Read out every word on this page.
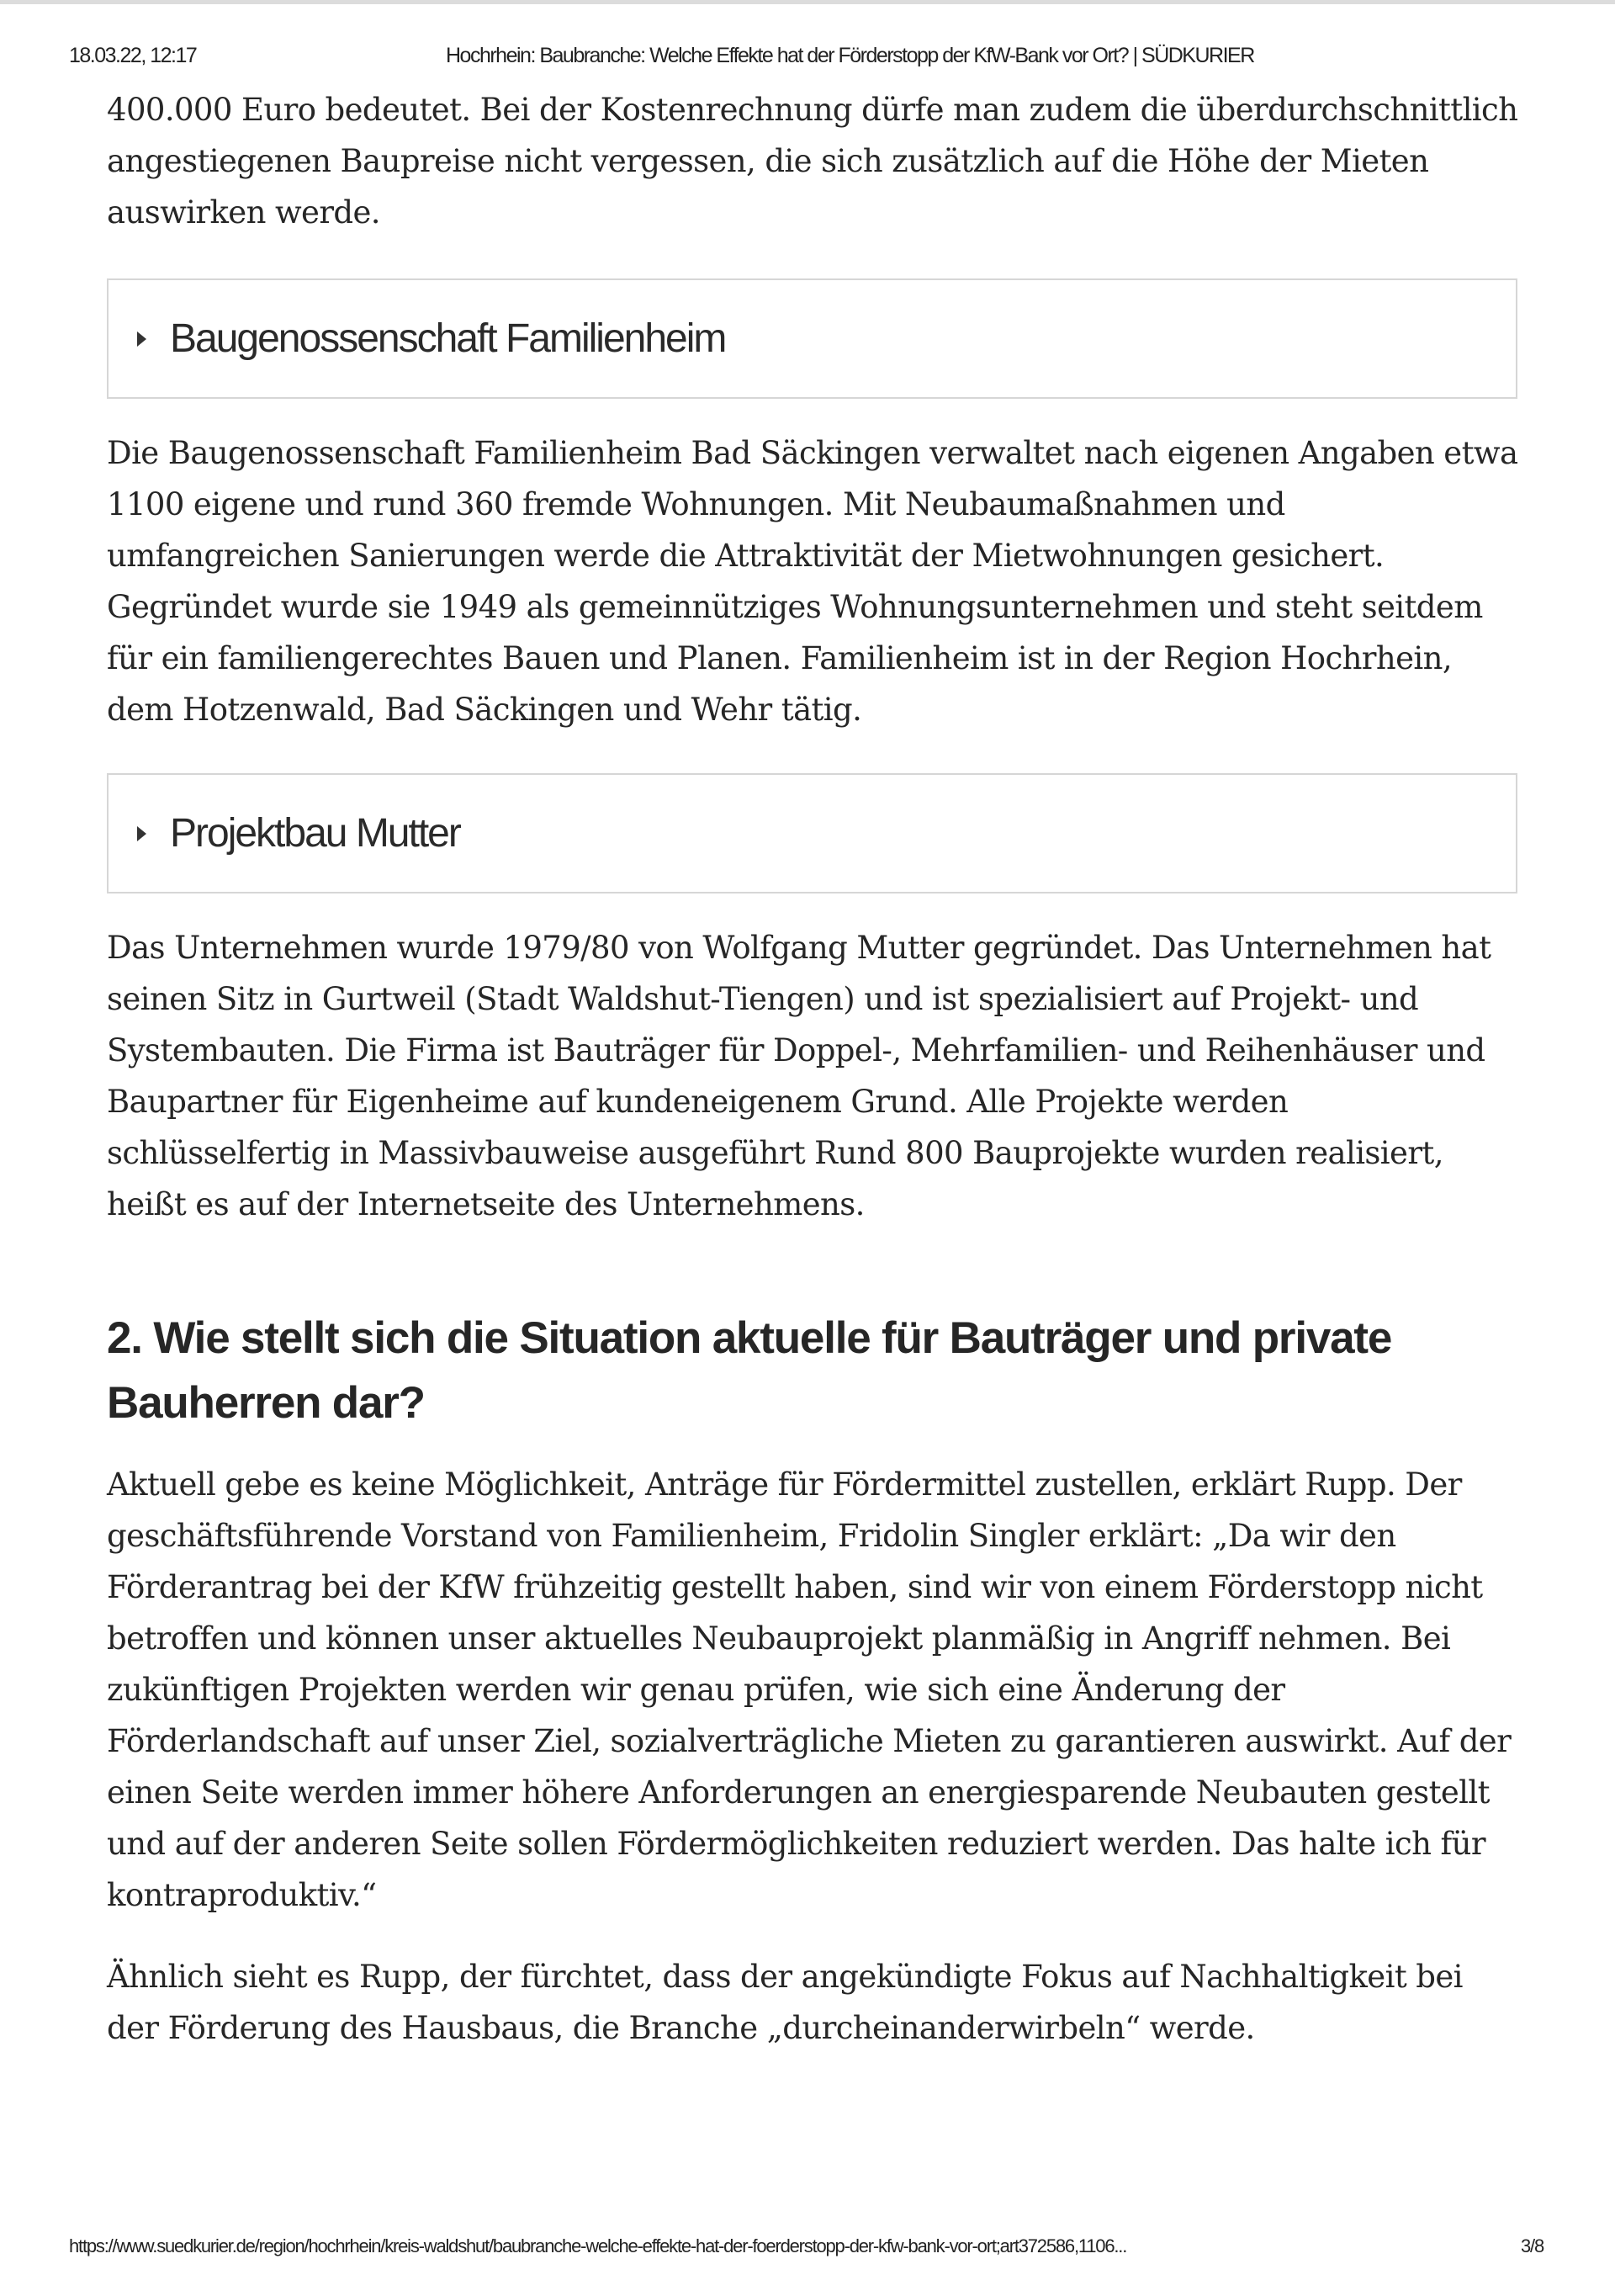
18.03.22, 12:17	Hochrhein: Baubranche: Welche Effekte hat der Förderstopp der KfW-Bank vor Ort? | SÜDKURIER

400.000 Euro bedeutet. Bei der Kostenrechnung dürfe man zudem die überdurchschnittlich angestiegenen Baupreise nicht vergessen, die sich zusätzlich auf die Höhe der Mieten auswirken werde.

Baugenossenschaft Familienheim

Die Baugenossenschaft Familienheim Bad Säckingen verwaltet nach eigenen Angaben etwa 1100 eigene und rund 360 fremde Wohnungen. Mit Neubaumaßnahmen und umfangreichen Sanierungen werde die Attraktivität der Mietwohnungen gesichert. Gegründet wurde sie 1949 als gemeinnütziges Wohnungsunternehmen und steht seitdem für ein familiengerechtes Bauen und Planen. Familienheim ist in der Region Hochrhein, dem Hotzenwald, Bad Säckingen und Wehr tätig.

Projektbau Mutter

Das Unternehmen wurde 1979/80 von Wolfgang Mutter gegründet. Das Unternehmen hat seinen Sitz in Gurtweil (Stadt Waldshut-Tiengen) und ist spezialisiert auf Projekt- und Systembauten. Die Firma ist Bauträger für Doppel-, Mehrfamilien- und Reihenhäuser und Baupartner für Eigenheime auf kundeneigenem Grund. Alle Projekte werden schlüsselfertig in Massivbauweise ausgeführt Rund 800 Bauprojekte wurden realisiert, heißt es auf der Internetseite des Unternehmens.

2. Wie stellt sich die Situation aktuelle für Bauträger und private Bauherren dar?

Aktuell gebe es keine Möglichkeit, Anträge für Fördermittel zustellen, erklärt Rupp. Der geschäftsführende Vorstand von Familienheim, Fridolin Singler erklärt: „Da wir den Förderantrag bei der KfW frühzeitig gestellt haben, sind wir von einem Förderstopp nicht betroffen und können unser aktuelles Neubauprojekt planmäßig in Angriff nehmen. Bei zukünftigen Projekten werden wir genau prüfen, wie sich eine Änderung der Förderlandschaft auf unser Ziel, sozialverträgliche Mieten zu garantieren auswirkt. Auf der einen Seite werden immer höhere Anforderungen an energiesparende Neubauten gestellt und auf der anderen Seite sollen Fördermöglichkeiten reduziert werden. Das halte ich für kontraproduktiv.“

Ähnlich sieht es Rupp, der fürchtet, dass der angekündigte Fokus auf Nachhaltigkeit bei der Förderung des Hausbaus, die Branche „durcheinanderwirbeln“ werde.

https://www.suedkurier.de/region/hochrhein/kreis-waldshut/baubranche-welche-effekte-hat-der-foerderstopp-der-kfw-bank-vor-ort;art372586,1106...	3/8
